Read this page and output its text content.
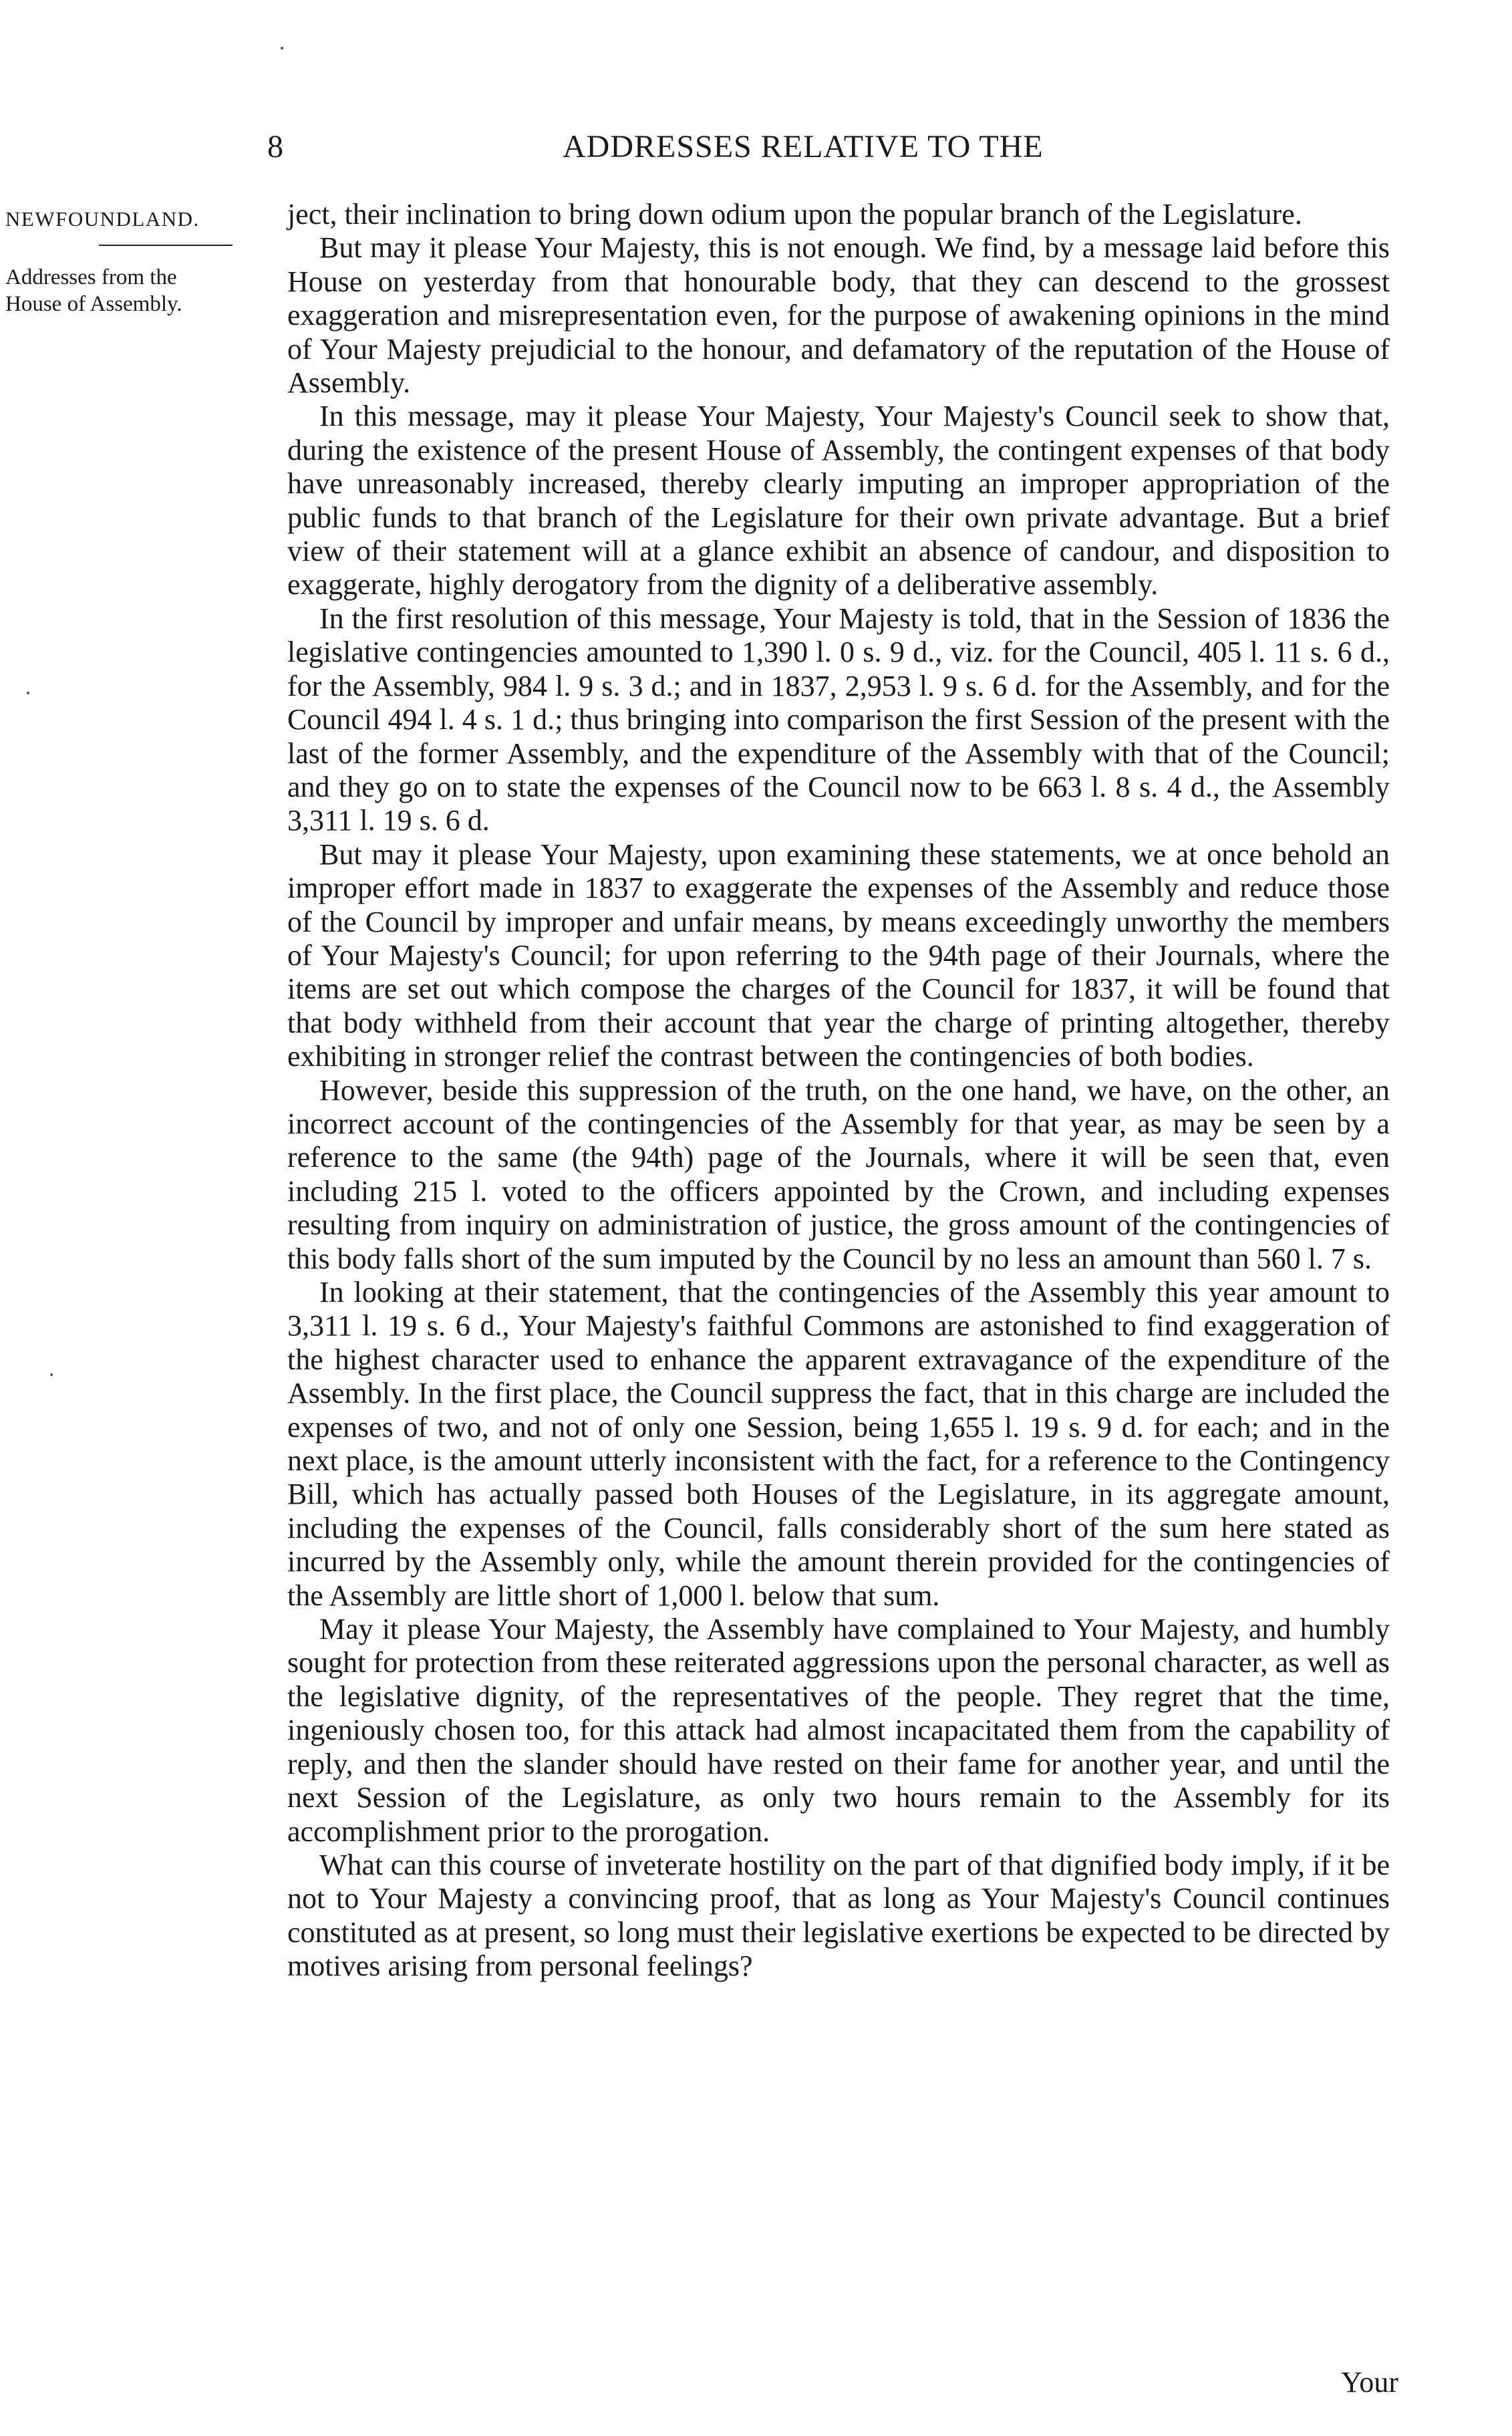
8	ADDRESSES RELATIVE TO THE
NEWFOUNDLAND.
Addresses from the
House of Assembly.

ject, their inclination to bring down odium upon the popular branch of the Legislature.

But may it please Your Majesty, this is not enough. We find, by a message laid before this House on yesterday from that honourable body, that they can descend to the grossest exaggeration and misrepresentation even, for the purpose of awakening opinions in the mind of Your Majesty prejudicial to the honour, and defamatory of the reputation of the House of Assembly.

In this message, may it please Your Majesty, Your Majesty's Council seek to show that, during the existence of the present House of Assembly, the contingent expenses of that body have unreasonably increased, thereby clearly imputing an improper appropriation of the public funds to that branch of the Legislature for their own private advantage. But a brief view of their statement will at a glance exhibit an absence of candour, and disposition to exaggerate, highly derogatory from the dignity of a deliberative assembly.

In the first resolution of this message, Your Majesty is told, that in the Session of 1836 the legislative contingencies amounted to 1,390 l. 0 s. 9 d., viz. for the Council, 405 l. 11 s. 6 d., for the Assembly, 984 l. 9 s. 3 d.; and in 1837, 2,953 l. 9 s. 6 d. for the Assembly, and for the Council 494 l. 4 s. 1 d.; thus bringing into comparison the first Session of the present with the last of the former Assembly, and the expenditure of the Assembly with that of the Council; and they go on to state the expenses of the Council now to be 663 l. 8 s. 4 d., the Assembly 3,311 l. 19 s. 6 d.

But may it please Your Majesty, upon examining these statements, we at once behold an improper effort made in 1837 to exaggerate the expenses of the Assembly and reduce those of the Council by improper and unfair means, by means exceedingly unworthy the members of Your Majesty's Council; for upon referring to the 94th page of their Journals, where the items are set out which compose the charges of the Council for 1837, it will be found that that body withheld from their account that year the charge of printing altogether, thereby exhibiting in stronger relief the contrast between the contingencies of both bodies.

However, beside this suppression of the truth, on the one hand, we have, on the other, an incorrect account of the contingencies of the Assembly for that year, as may be seen by a reference to the same (the 94th) page of the Journals, where it will be seen that, even including 215 l. voted to the officers appointed by the Crown, and including expenses resulting from inquiry on administration of justice, the gross amount of the contingencies of this body falls short of the sum imputed by the Council by no less an amount than 560 l. 7 s.

In looking at their statement, that the contingencies of the Assembly this year amount to 3,311 l. 19 s. 6 d., Your Majesty's faithful Commons are astonished to find exaggeration of the highest character used to enhance the apparent extravagance of the expenditure of the Assembly. In the first place, the Council suppress the fact, that in this charge are included the expenses of two, and not of only one Session, being 1,655 l. 19 s. 9 d. for each; and in the next place, is the amount utterly inconsistent with the fact, for a reference to the Contingency Bill, which has actually passed both Houses of the Legislature, in its aggregate amount, including the expenses of the Council, falls considerably short of the sum here stated as incurred by the Assembly only, while the amount therein provided for the contingencies of the Assembly are little short of 1,000 l. below that sum.

May it please Your Majesty, the Assembly have complained to Your Majesty, and humbly sought for protection from these reiterated aggressions upon the personal character, as well as the legislative dignity, of the representatives of the people. They regret that the time, ingeniously chosen too, for this attack had almost incapacitated them from the capability of reply, and then the slander should have rested on their fame for another year, and until the next Session of the Legislature, as only two hours remain to the Assembly for its accomplishment prior to the prorogation.

What can this course of inveterate hostility on the part of that dignified body imply, if it be not to Your Majesty a convincing proof, that as long as Your Majesty's Council continues constituted as at present, so long must their legislative exertions be expected to be directed by motives arising from personal feelings?

Your
